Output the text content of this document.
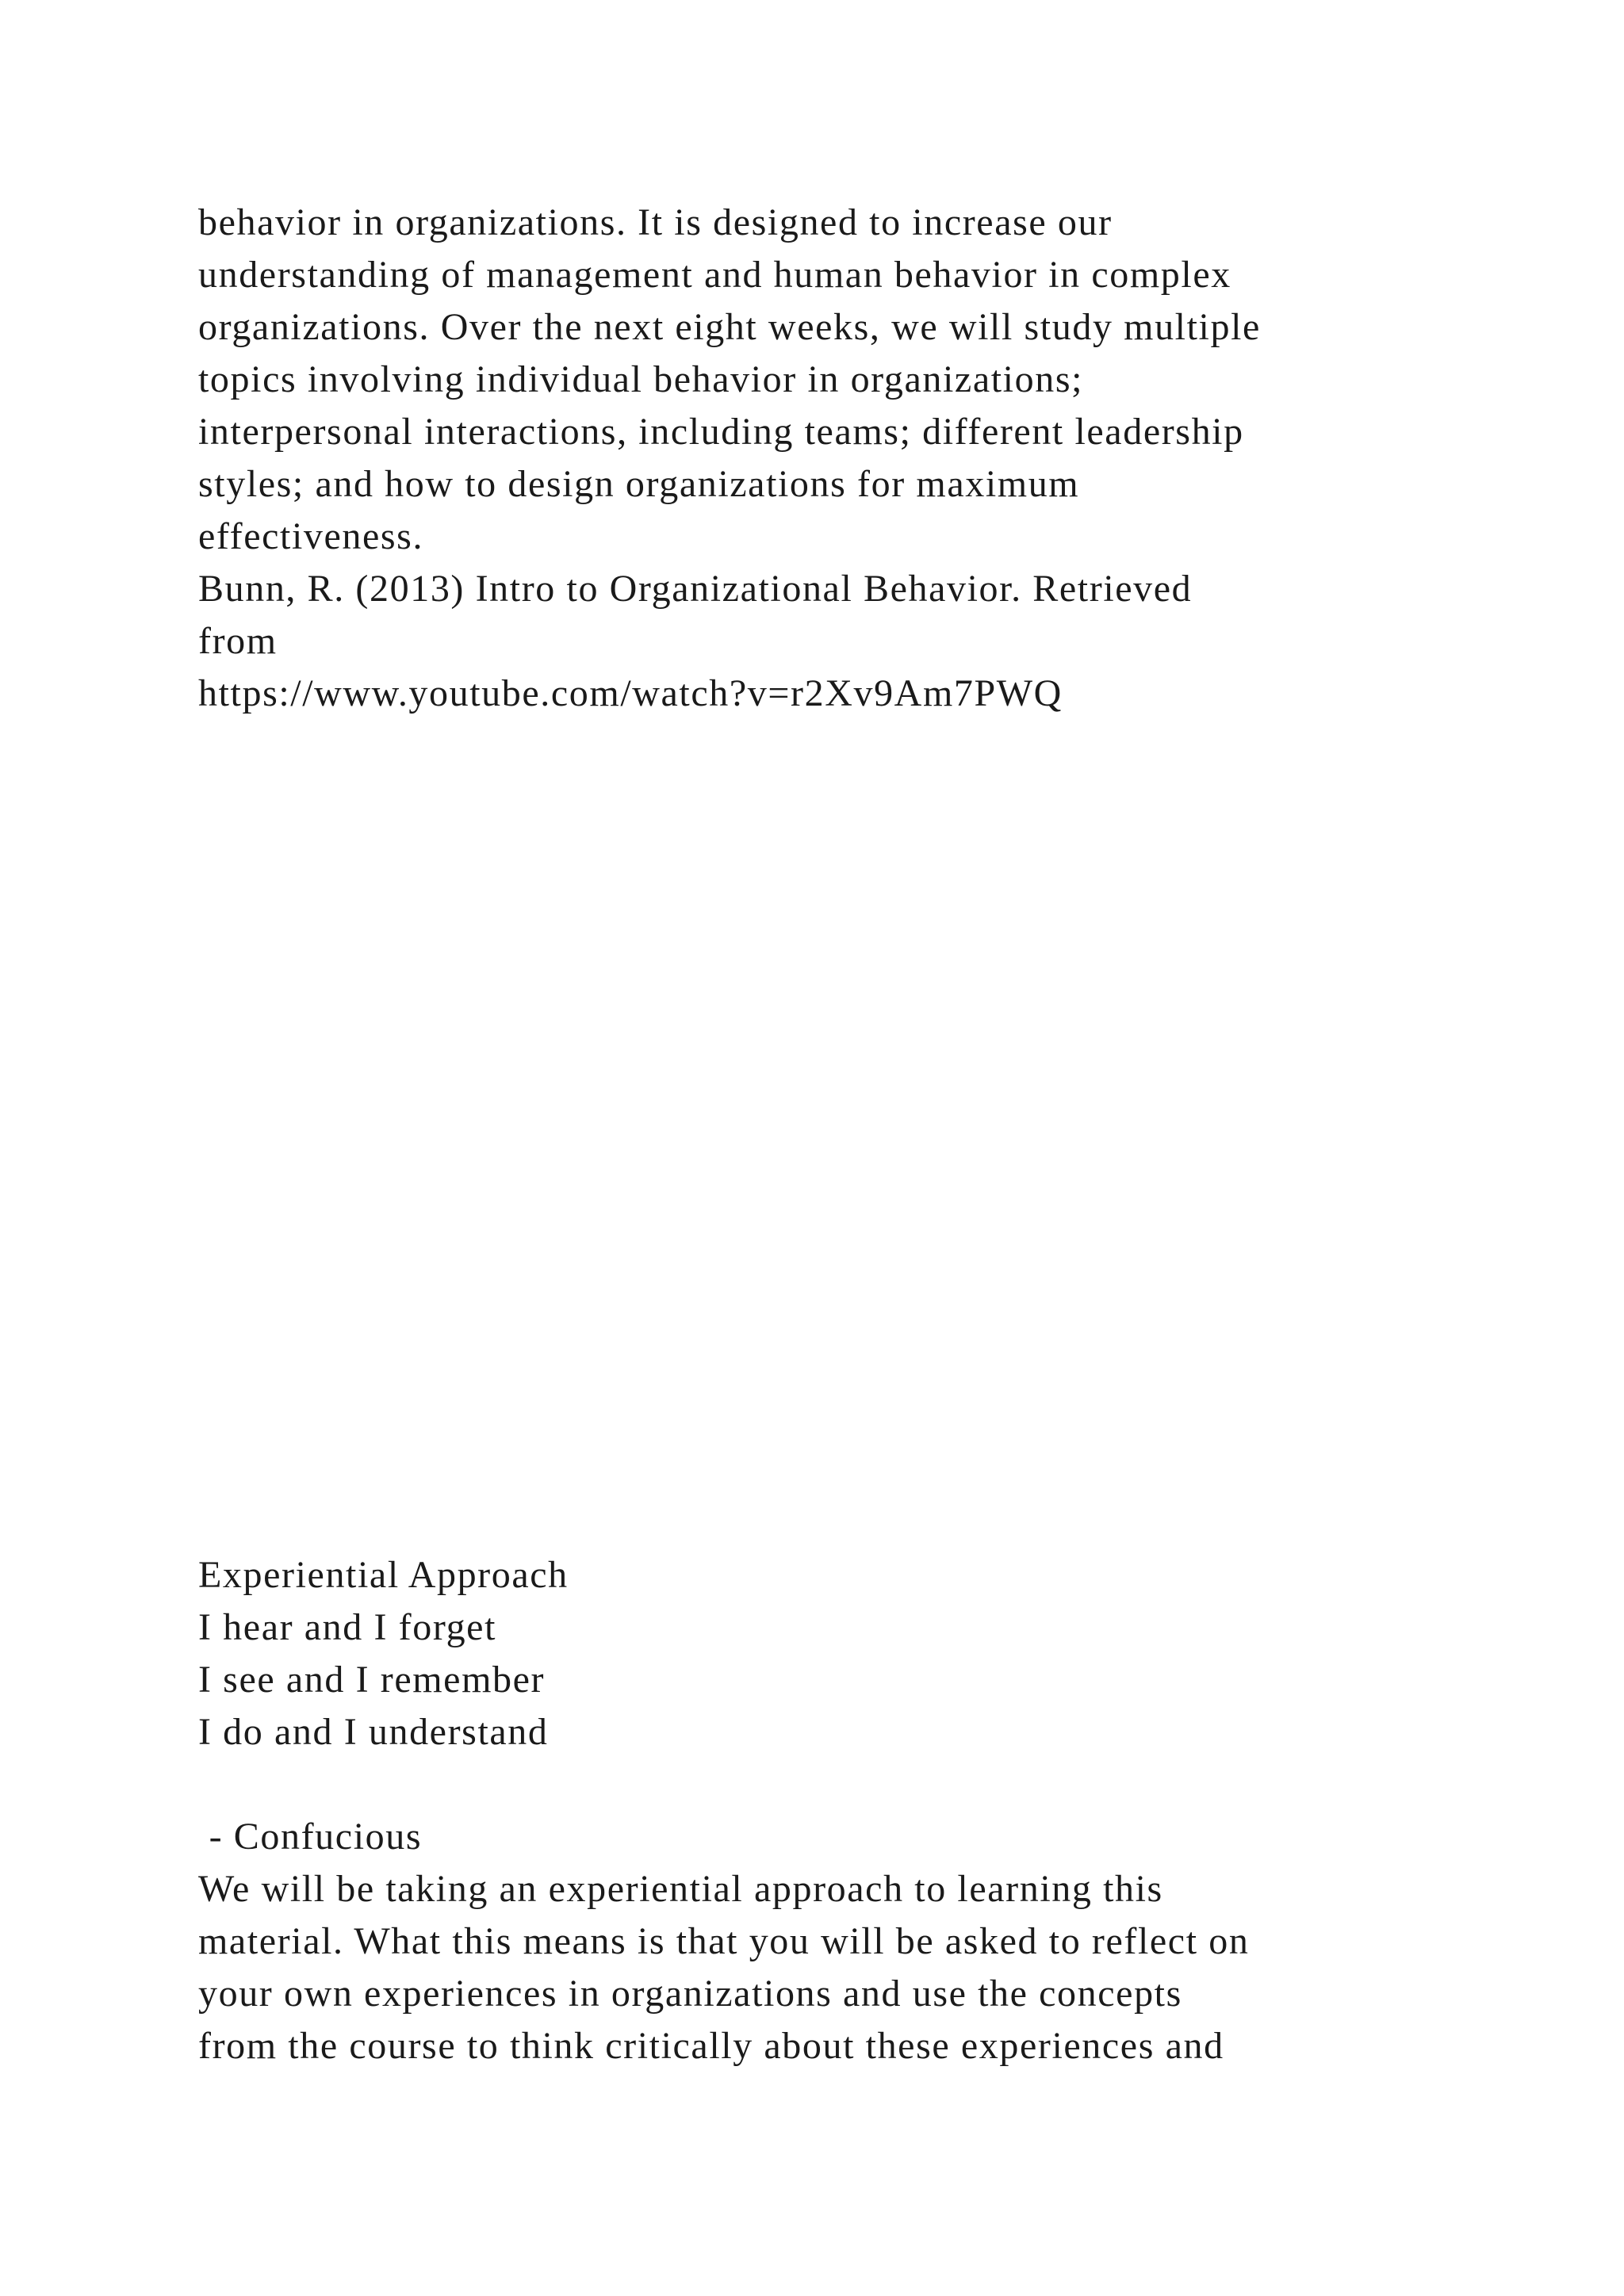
behavior in organizations. It is designed to increase our
understanding of management and human behavior in complex
organizations. Over the next eight weeks, we will study multiple
topics involving individual behavior in organizations;
interpersonal interactions, including teams; different leadership
styles; and how to design organizations for maximum
effectiveness.
Bunn, R. (2013) Intro to Organizational Behavior. Retrieved
from
https://www.youtube.com/watch?v=r2Xv9Am7PWQ
Experiential Approach
I hear and I forget
I see and I remember
I do and I understand
- Confucious
We will be taking an experiential approach to learning this
material. What this means is that you will be asked to reflect on
your own experiences in organizations and use the concepts
from the course to think critically about these experiences and
